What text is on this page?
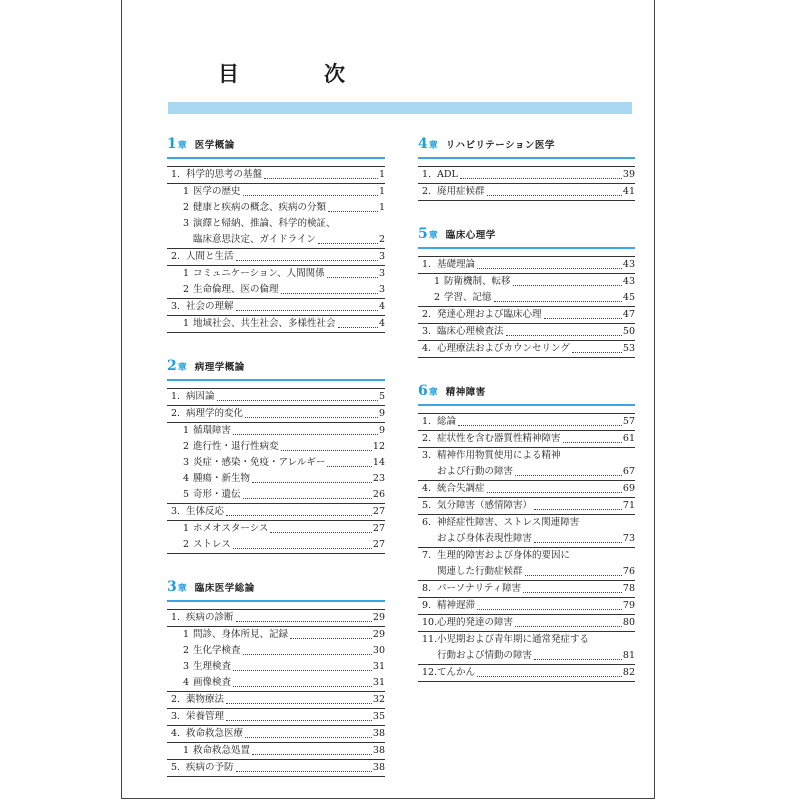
目　次
1 章 医学概論
1. 科学的思考の基盤	1
1 医学の歴史	1
2 健康と疾病の概念、疾病の分類	1
3 演繹と帰納、推論、科学的検証、
臨床意思決定、ガイドライン	2
2. 人間と生活	3
1 コミュニケーション、人間関係	3
2 生命倫理、医の倫理	3
3. 社会の理解	4
1 地域社会、共生社会、多様性社会	4
2 章 病理学概論
1. 病因論	5
2. 病理学的変化	9
1 循環障害	9
2 進行性・退行性病変	12
3 炎症・感染・免疫・アレルギー	14
4 腫瘍・新生物	23
5 奇形・遺伝	26
3. 生体反応	27
1 ホメオスターシス	27
2 ストレス	27
3 章 臨床医学総論
1. 疾病の診断	29
1 問診、身体所見、記録	29
2 生化学検査	30
3 生理検査	31
4 画像検査	31
2. 薬物療法	32
3. 栄養管理	35
4. 救命救急医療	38
1 救命救急処置	38
5. 疾病の予防	38
4 章 リハビリテーション医学
1. ADL	39
2. 廃用症候群	41
5 章 臨床心理学
1. 基礎理論	43
1 防衛機制、転移	43
2 学習、記憶	45
2. 発達心理および臨床心理	47
3. 臨床心理検査法	50
4. 心理療法およびカウンセリング	53
6 章 精神障害
1. 総論	57
2. 症状性を含む器質性精神障害	61
3. 精神作用物質使用による精神
および行動の障害	67
4. 統合失調症	69
5. 気分障害（感情障害）	71
6. 神経症性障害、ストレス関連障害
および身体表現性障害	73
7. 生理的障害および身体的要因に
関連した行動症候群	76
8. パーソナリティ障害	78
9. 精神遅滞	79
10. 心理的発達の障害	80
11. 小児期および青年期に通常発症する
行動および情動の障害	81
12. てんかん	82
